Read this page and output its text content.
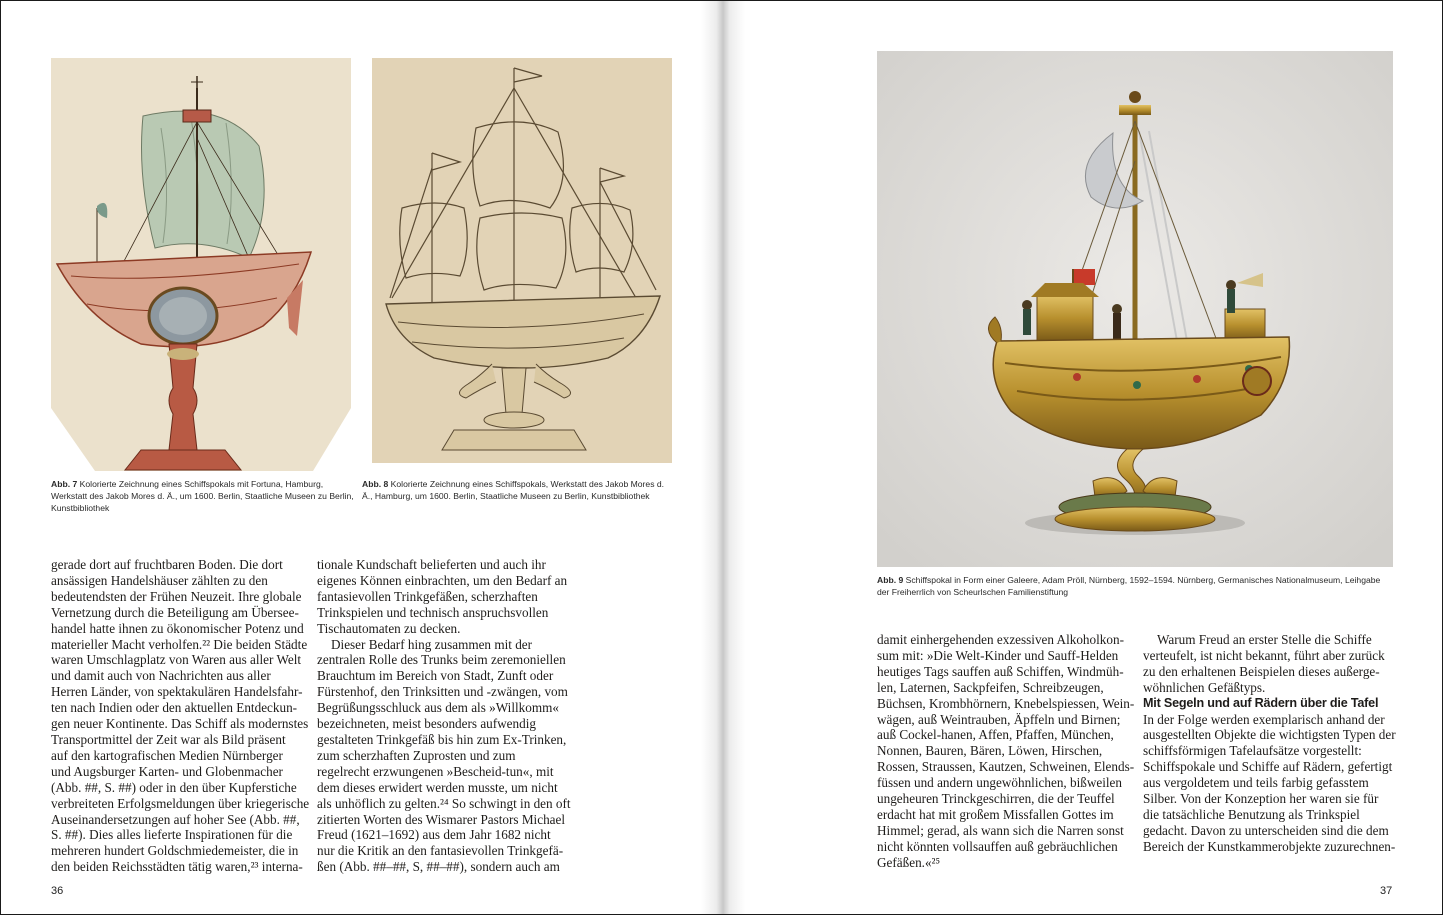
Abb. 7 Kolorierte Zeichnung eines Schiffspokals mit Fortuna, Hamburg, Werkstatt des Jakob Mores d. Ä., um 1600. Berlin, Staatliche Museen zu Berlin, Kunstbibliothek
Abb. 8 Kolorierte Zeichnung eines Schiffspokals, Werkstatt des Jakob Mores d. Ä., Hamburg, um 1600. Berlin, Staatliche Museen zu Berlin, Kunstbibliothek

gerade dort auf fruchtbaren Boden. Die dort

ansässigen Handelshäuser zählten zu den

bedeutendsten der Frühen Neuzeit. Ihre globale

Vernetzung durch die Beteiligung am Übersee-

handel hatte ihnen zu ökonomischer Potenz und

materieller Macht verholfen.²² Die beiden Städte

waren Umschlagplatz von Waren aus aller Welt

und damit auch von Nachrichten aus aller

Herren Länder, von spektakulären Handelsfahr-

ten nach Indien oder den aktuellen Entdeckun-

gen neuer Kontinente. Das Schiff als modernstes

Transportmittel der Zeit war als Bild präsent

auf den kartografischen Medien Nürnberger

und Augsburger Karten- und Globenmacher

(Abb. ##, S. ##) oder in den über Kupferstiche

verbreiteten Erfolgsmeldungen über kriegerische

Auseinandersetzungen auf hoher See (Abb. ##,

S. ##). Dies alles lieferte Inspirationen für die

mehreren hundert Goldschmiedemeister, die in

den beiden Reichsstädten tätig waren,²³ interna-

tionale Kundschaft belieferten und auch ihr

eigenes Können einbrachten, um den Bedarf an

fantasievollen Trinkgefäßen, scherzhaften

Trinkspielen und technisch anspruchsvollen

Tischautomaten zu decken.

Dieser Bedarf hing zusammen mit der

zentralen Rolle des Trunks beim zeremoniellen

Brauchtum im Bereich von Stadt, Zunft oder

Fürstenhof, den Trinksitten und -zwängen, vom

Begrüßungsschluck aus dem als »Willkomm«

bezeichneten, meist besonders aufwendig

gestalteten Trinkgefäß bis hin zum Ex-Trinken,

zum scherzhaften Zuprosten und zum

regelrecht erzwungenen »Bescheid-tun«, mit

dem dieses erwidert werden musste, um nicht

als unhöflich zu gelten.²⁴ So schwingt in den oft

zitierten Worten des Wismarer Pastors Michael

Freud (1621–1692) aus dem Jahr 1682 nicht

nur die Kritik an den fantasievollen Trinkgefä-

ßen (Abb. ##–##, S, ##–##), sondern auch am

36
Abb. 9 Schiffspokal in Form einer Galeere, Adam Pröll, Nürnberg, 1592–1594. Nürnberg, Germanisches Nationalmuseum, Leihgabe der Freiherrlich von Scheurlschen Familienstiftung

damit einhergehenden exzessiven Alkoholkon-

sum mit: »Die Welt-Kinder und Sauff-Helden

heutiges Tags sauffen auß Schiffen, Windmüh-

len, Laternen, Sackpfeifen, Schreibzeugen,

Büchsen, Krombhörnern, Knebelspiessen, Wein-

wägen, auß Weintrauben, Äpffeln und Birnen;

auß Cockel-hanen, Affen, Pfaffen, München,

Nonnen, Bauren, Bären, Löwen, Hirschen,

Rossen, Straussen, Kautzen, Schweinen, Elends-

füssen und andern ungewöhnlichen, bißweilen

ungeheuren Trinckgeschirren, die der Teuffel

erdacht hat mit großem Missfallen Gottes im

Himmel; gerad, als wann sich die Narren sonst

nicht könnten vollsauffen auß gebräuchlichen

Gefäßen.«²⁵

Warum Freud an erster Stelle die Schiffe

verteufelt, ist nicht bekannt, führt aber zurück

zu den erhaltenen Beispielen dieses außerge-

wöhnlichen Gefäßtyps.

Mit Segeln und auf Rädern über die Tafel

In der Folge werden exemplarisch anhand der

ausgestellten Objekte die wichtigsten Typen der

schiffsförmigen Tafelaufsätze vorgestellt:

Schiffspokale und Schiffe auf Rädern, gefertigt

aus vergoldetem und teils farbig gefasstem

Silber. Von der Konzeption her waren sie für

die tatsächliche Benutzung als Trinkspiel

gedacht. Davon zu unterscheiden sind die dem

Bereich der Kunstkammerobjekte zuzurechnen-

37
